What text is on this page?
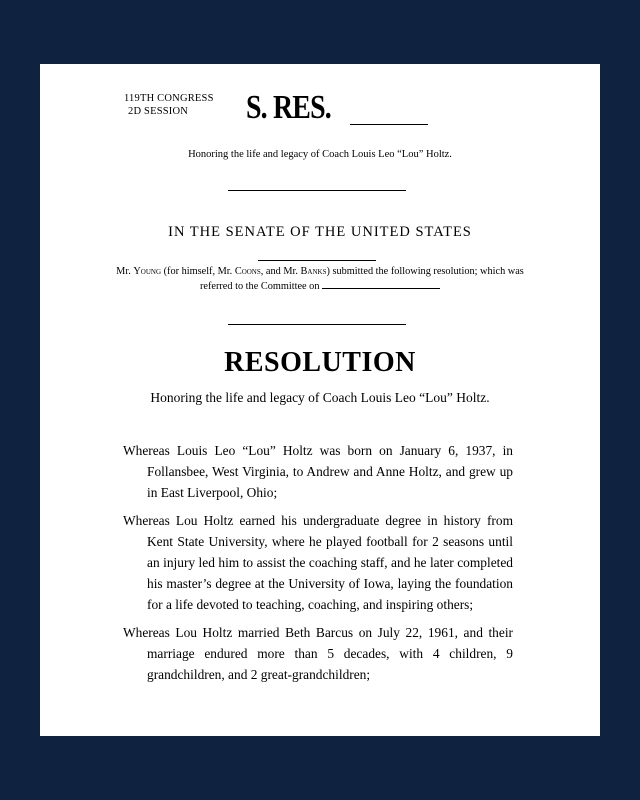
119TH CONGRESS
2D SESSION	S. RES.
Honoring the life and legacy of Coach Louis Leo “Lou” Holtz.
IN THE SENATE OF THE UNITED STATES
Mr. Young (for himself, Mr. Coons, and Mr. Banks) submitted the following resolution; which was referred to the Committee on
RESOLUTION
Honoring the life and legacy of Coach Louis Leo “Lou” Holtz.

Whereas Louis Leo “Lou” Holtz was born on January 6, 1937, in Follansbee, West Virginia, to Andrew and Anne Holtz, and grew up in East Liverpool, Ohio;

Whereas Lou Holtz earned his undergraduate degree in history from Kent State University, where he played football for 2 seasons until an injury led him to assist the coaching staff, and he later completed his master’s degree at the University of Iowa, laying the foundation for a life devoted to teaching, coaching, and inspiring others;

Whereas Lou Holtz married Beth Barcus on July 22, 1961, and their marriage endured more than 5 decades, with 4 children, 9 grandchildren, and 2 great-grandchildren;
